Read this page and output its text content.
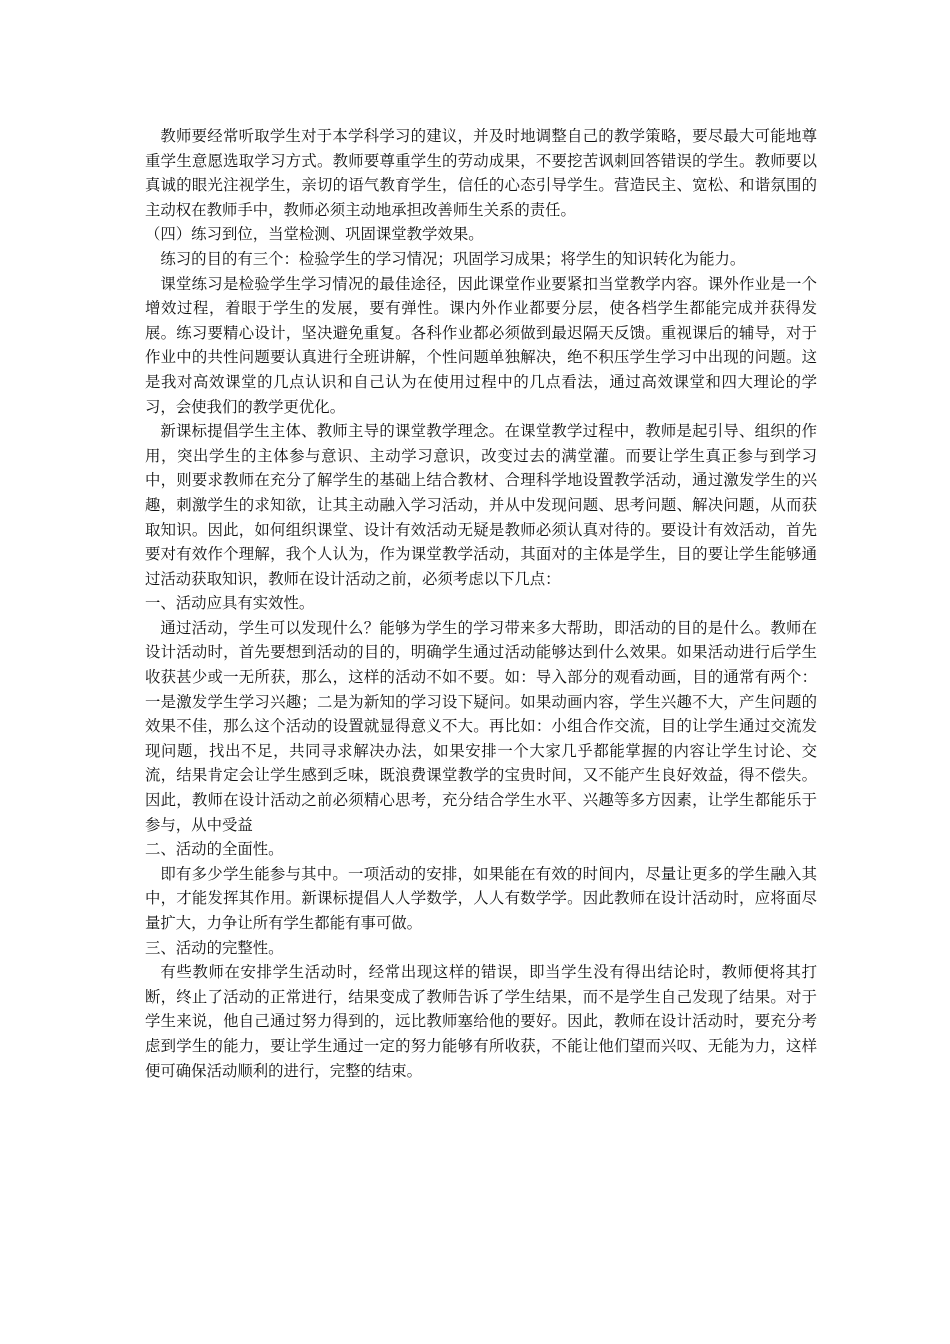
教师要经常听取学生对于本学科学习的建议，并及时地调整自己的教学策略，要尽最大可能地尊重学生意愿选取学习方式。教师要尊重学生的劳动成果，不要挖苦讽刺回答错误的学生。教师要以真诚的眼光注视学生，亲切的语气教育学生，信任的心态引导学生。营造民主、宽松、和谐氛围的主动权在教师手中，教师必须主动地承担改善师生关系的责任。

（四）练习到位，当堂检测、巩固课堂教学效果。

练习的目的有三个：检验学生的学习情况；巩固学习成果；将学生的知识转化为能力。

课堂练习是检验学生学习情况的最佳途径，因此课堂作业要紧扣当堂教学内容。课外作业是一个增效过程，着眼于学生的发展，要有弹性。课内外作业都要分层，使各档学生都能完成并获得发展。练习要精心设计，坚决避免重复。各科作业都必须做到最迟隔天反馈。重视课后的辅导，对于作业中的共性问题要认真进行全班讲解，个性问题单独解决，绝不积压学生学习中出现的问题。这是我对高效课堂的几点认识和自己认为在使用过程中的几点看法，通过高效课堂和四大理论的学习，会使我们的教学更优化。

新课标提倡学生主体、教师主导的课堂教学理念。在课堂教学过程中，教师是起引导、组织的作用，突出学生的主体参与意识、主动学习意识，改变过去的满堂灌。而要让学生真正参与到学习中，则要求教师在充分了解学生的基础上结合教材、合理科学地设置教学活动，通过激发学生的兴趣，刺激学生的求知欲，让其主动融入学习活动，并从中发现问题、思考问题、解决问题，从而获取知识。因此，如何组织课堂、设计有效活动无疑是教师必须认真对待的。要设计有效活动，首先要对有效作个理解，我个人认为，作为课堂教学活动，其面对的主体是学生，目的要让学生能够通过活动获取知识，教师在设计活动之前，必须考虑以下几点：

一、活动应具有实效性。

通过活动，学生可以发现什么？能够为学生的学习带来多大帮助，即活动的目的是什么。教师在设计活动时，首先要想到活动的目的，明确学生通过活动能够达到什么效果。如果活动进行后学生收获甚少或一无所获，那么，这样的活动不如不要。如：导入部分的观看动画，目的通常有两个：一是激发学生学习兴趣；二是为新知的学习设下疑问。如果动画内容，学生兴趣不大，产生问题的效果不佳，那么这个活动的设置就显得意义不大。再比如：小组合作交流，目的让学生通过交流发现问题，找出不足，共同寻求解决办法，如果安排一个大家几乎都能掌握的内容让学生讨论、交流，结果肯定会让学生感到乏味，既浪费课堂教学的宝贵时间，又不能产生良好效益，得不偿失。因此，教师在设计活动之前必须精心思考，充分结合学生水平、兴趣等多方因素，让学生都能乐于参与，从中受益

二、活动的全面性。

即有多少学生能参与其中。一项活动的安排，如果能在有效的时间内，尽量让更多的学生融入其中，才能发挥其作用。新课标提倡人人学数学，人人有数学学。因此教师在设计活动时，应将面尽量扩大，力争让所有学生都能有事可做。

三、活动的完整性。

有些教师在安排学生活动时，经常出现这样的错误，即当学生没有得出结论时，教师便将其打断，终止了活动的正常进行，结果变成了教师告诉了学生结果，而不是学生自己发现了结果。对于学生来说，他自己通过努力得到的，远比教师塞给他的要好。因此，教师在设计活动时，要充分考虑到学生的能力，要让学生通过一定的努力能够有所收获，不能让他们望而兴叹、无能为力，这样便可确保活动顺利的进行，完整的结束。
